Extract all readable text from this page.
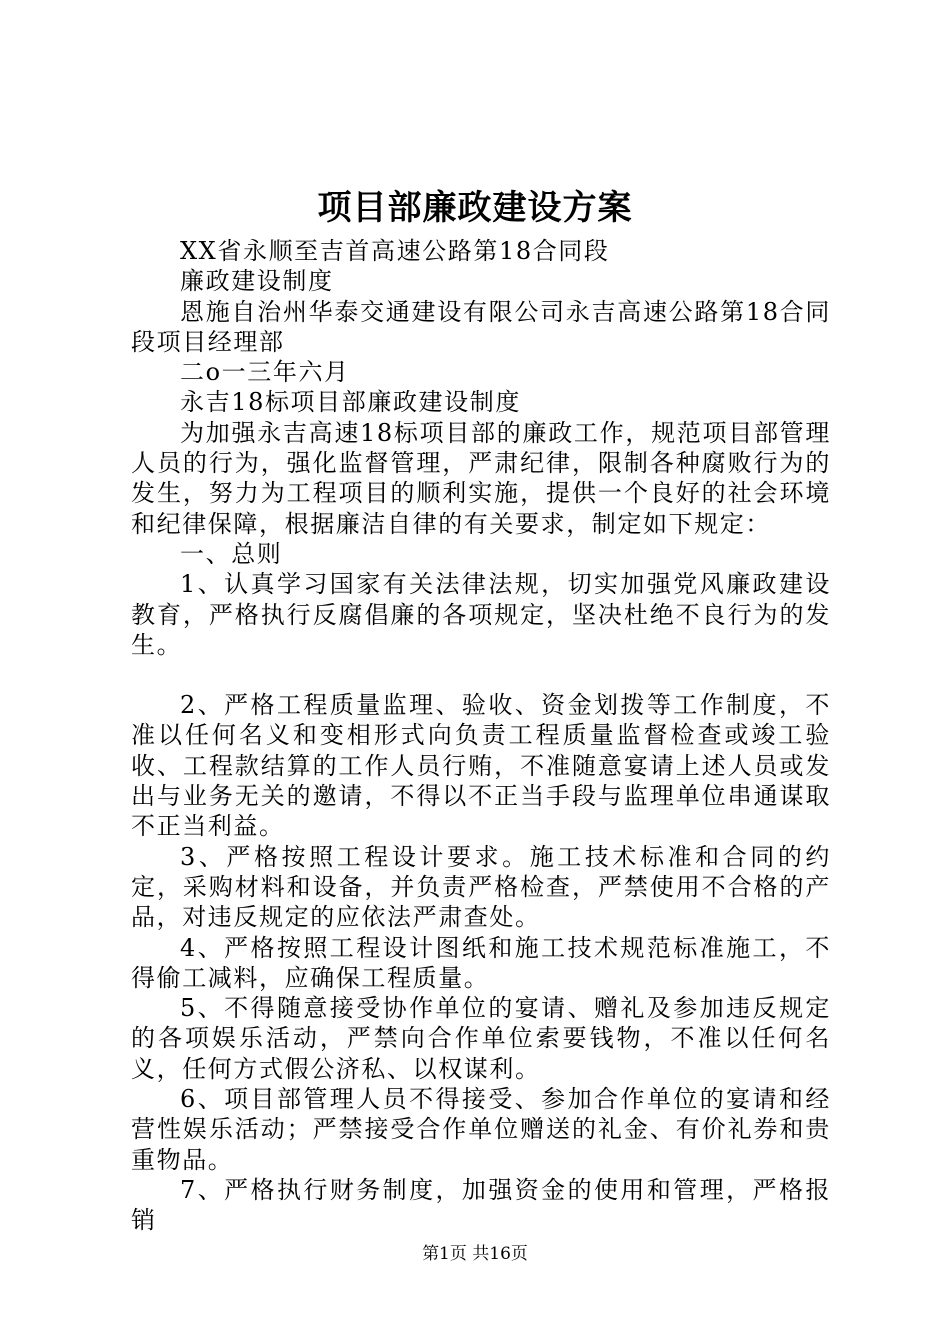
项目部廉政建设方案

XX省永顺至吉首高速公路第18合同段

廉政建设制度

恩施自治州华泰交通建设有限公司永吉高速公路第18合同段项目经理部

二o一三年六月

永吉18标项目部廉政建设制度

为加强永吉高速18标项目部的廉政工作，规范项目部管理人员的行为，强化监督管理，严肃纪律，限制各种腐败行为的发生，努力为工程项目的顺利实施，提供一个良好的社会环境和纪律保障，根据廉洁自律的有关要求，制定如下规定：

一、总则

1、认真学习国家有关法律法规，切实加强党风廉政建设教育，严格执行反腐倡廉的各项规定，坚决杜绝不良行为的发生。

2、严格工程质量监理、验收、资金划拨等工作制度，不准以任何名义和变相形式向负责工程质量监督检查或竣工验收、工程款结算的工作人员行贿，不准随意宴请上述人员或发出与业务无关的邀请，不得以不正当手段与监理单位串通谋取不正当利益。

3、严格按照工程设计要求。施工技术标准和合同的约定，采购材料和设备，并负责严格检查，严禁使用不合格的产品，对违反规定的应依法严肃查处。

4、严格按照工程设计图纸和施工技术规范标准施工，不得偷工减料，应确保工程质量。

5、不得随意接受协作单位的宴请、赠礼及参加违反规定的各项娱乐活动，严禁向合作单位索要钱物，不准以任何名义，任何方式假公济私、以权谋利。

6、项目部管理人员不得接受、参加合作单位的宴请和经营性娱乐活动；严禁接受合作单位赠送的礼金、有价礼券和贵重物品。

7、严格执行财务制度，加强资金的使用和管理，严格报销

第1页 共16页
